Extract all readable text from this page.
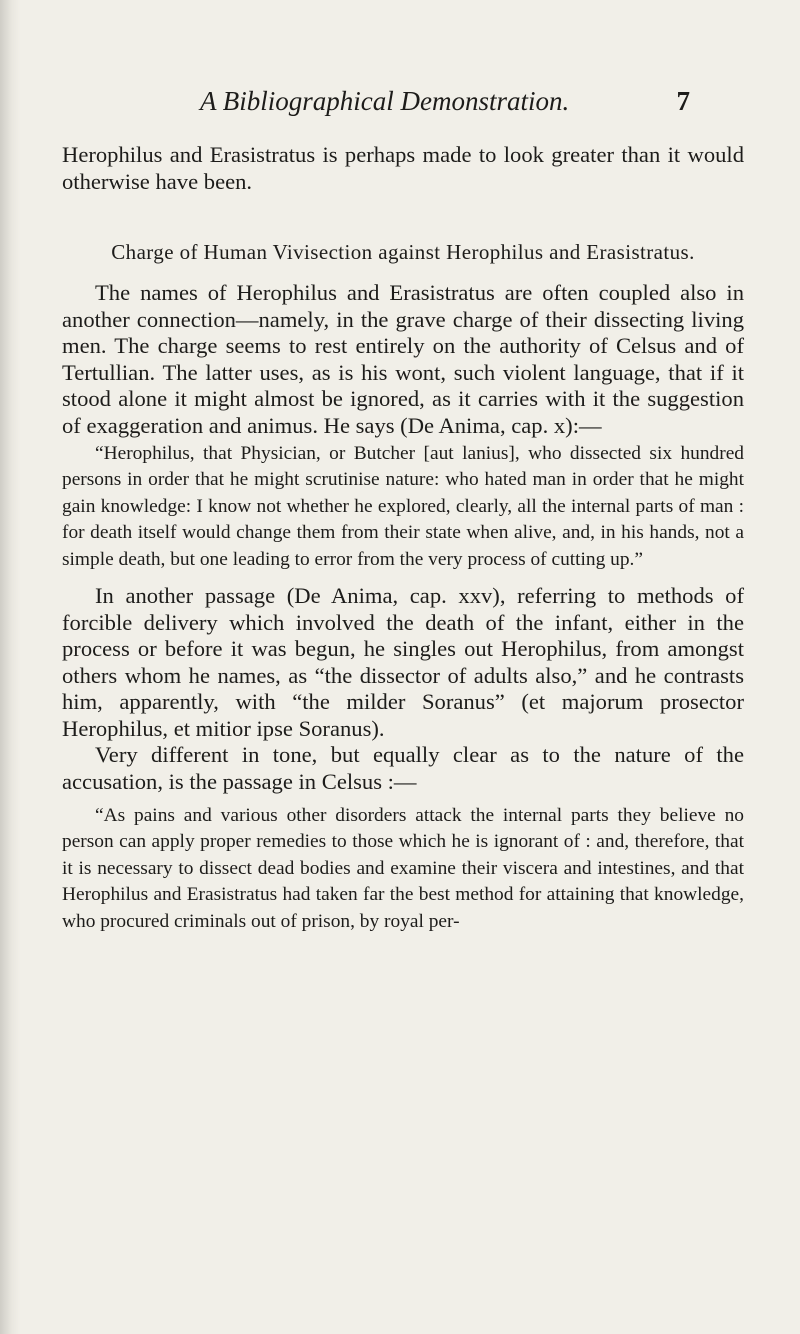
A Bibliographical Demonstration.	7

Herophilus and Erasistratus is perhaps made to look greater than it would otherwise have been.

Charge of Human Vivisection against Herophilus and Erasistratus.

The names of Herophilus and Erasistratus are often coupled also in another connection—namely, in the grave charge of their dissecting living men. The charge seems to rest entirely on the authority of Celsus and of Tertullian. The latter uses, as is his wont, such violent language, that if it stood alone it might almost be ignored, as it carries with it the suggestion of exaggeration and animus. He says (De Anima, cap. x):—

“Herophilus, that Physician, or Butcher [aut lanius], who dissected six hundred persons in order that he might scrutinise nature: who hated man in order that he might gain knowledge: I know not whether he explored, clearly, all the internal parts of man : for death itself would change them from their state when alive, and, in his hands, not a simple death, but one leading to error from the very process of cutting up.”

In another passage (De Anima, cap. xxv), referring to methods of forcible delivery which involved the death of the infant, either in the process or before it was begun, he singles out Herophilus, from amongst others whom he names, as “the dissector of adults also,” and he contrasts him, apparently, with “the milder Soranus” (et majorum prosector Herophilus, et mitior ipse Soranus).

Very different in tone, but equally clear as to the nature of the accusation, is the passage in Celsus :—

“As pains and various other disorders attack the internal parts they believe no person can apply proper remedies to those which he is ignorant of : and, therefore, that it is necessary to dissect dead bodies and examine their viscera and intestines, and that Herophilus and Erasistratus had taken far the best method for attaining that knowledge, who procured criminals out of prison, by royal per-
